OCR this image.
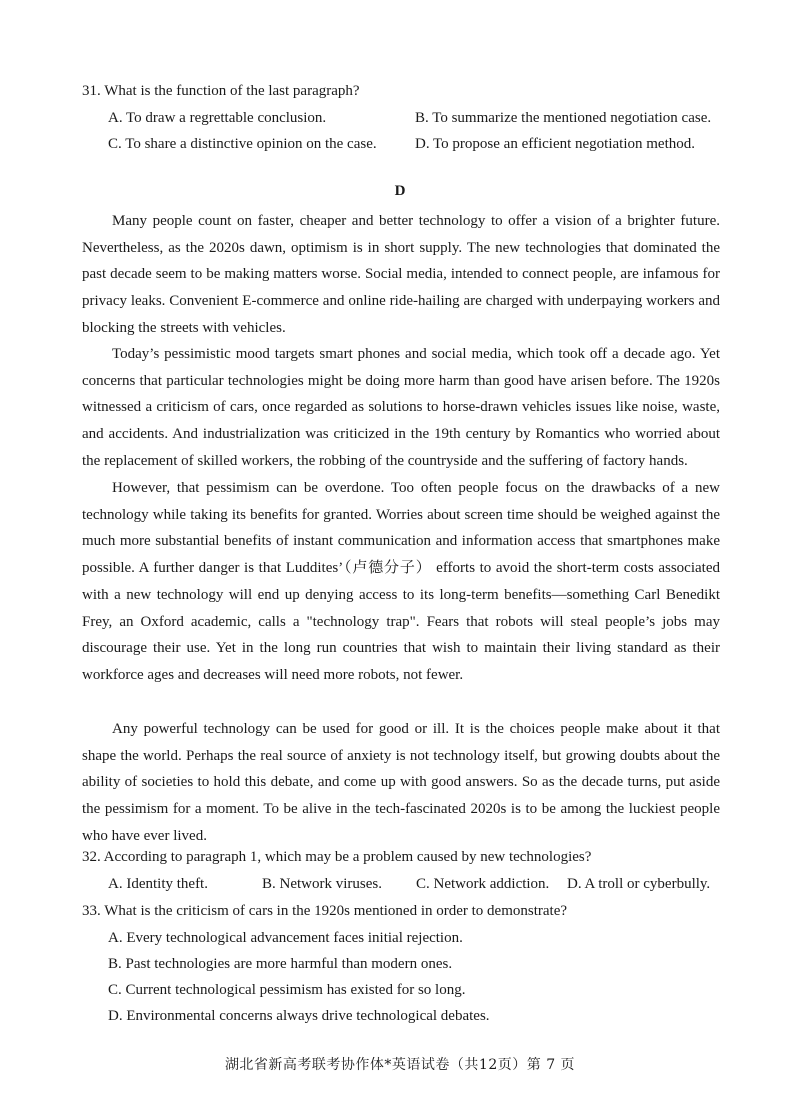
31. What is the function of the last paragraph?
A. To draw a regrettable conclusion.	B. To summarize the mentioned negotiation case.
C. To share a distinctive opinion on the case.	D. To propose an efficient negotiation method.
D

Many people count on faster, cheaper and better technology to offer a vision of a brighter future. Nevertheless, as the 2020s dawn, optimism is in short supply. The new technologies that dominated the past decade seem to be making matters worse. Social media, intended to connect people, are infamous for privacy leaks. Convenient E-commerce and online ride-hailing are charged with underpaying workers and blocking the streets with vehicles.

Today’s pessimistic mood targets smart phones and social media, which took off a decade ago. Yet concerns that particular technologies might be doing more harm than good have arisen before. The 1920s witnessed a criticism of cars, once regarded as solutions to horse-drawn vehicles issues like noise, waste, and accidents. And industrialization was criticized in the 19th century by Romantics who worried about the replacement of skilled workers, the robbing of the countryside and the suffering of factory hands.

However, that pessimism can be overdone. Too often people focus on the drawbacks of a new technology while taking its benefits for granted. Worries about screen time should be weighed against the much more substantial benefits of instant communication and information access that smartphones make possible. A further danger is that Luddites’（卢德分子） efforts to avoid the short-term costs associated with a new technology will end up denying access to its long-term benefits—something Carl Benedikt Frey, an Oxford academic, calls a "technology trap". Fears that robots will steal people’s jobs may discourage their use. Yet in the long run countries that wish to maintain their living standard as their workforce ages and decreases will need more robots, not fewer.

Any powerful technology can be used for good or ill. It is the choices people make about it that shape the world. Perhaps the real source of anxiety is not technology itself, but growing doubts about the ability of societies to hold this debate, and come up with good answers. So as the decade turns, put aside the pessimism for a moment. To be alive in the tech-fascinated 2020s is to be among the luckiest people who have ever lived.

32. According to paragraph 1, which may be a problem caused by new technologies?
A. Identity theft.	B. Network viruses. C. Network addiction. D. A troll or cyberbully.
33. What is the criticism of cars in the 1920s mentioned in order to demonstrate?
A. Every technological advancement faces initial rejection.
B. Past technologies are more harmful than modern ones.
C. Current technological pessimism has existed for so long.
D. Environmental concerns always drive technological debates.
湖北省新高考联考协作体*英语试卷（共12页）第 7 页
